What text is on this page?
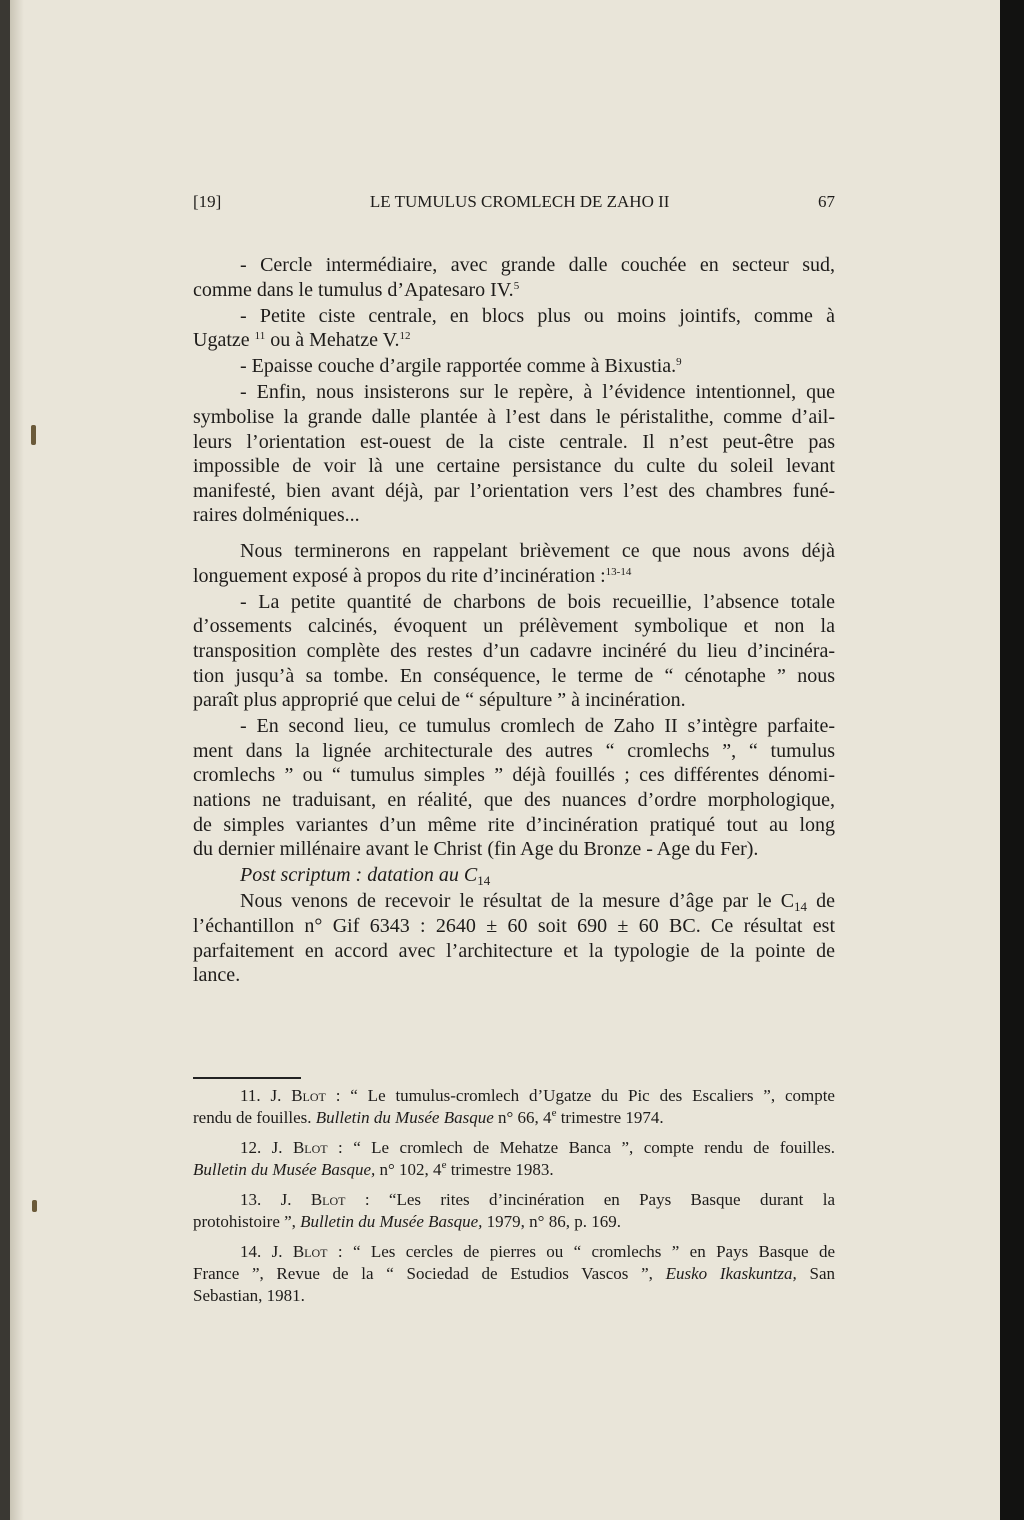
[19]	LE TUMULUS CROMLECH DE ZAHO II	67
- Cercle intermédiaire, avec grande dalle couchée en secteur sud,
comme dans le tumulus d’Apatesaro IV.$^5$
- Petite ciste centrale, en blocs plus ou moins jointifs, comme à
Ugatze $^{11}$ ou à Mehatze V.$^{12}$
- Epaisse couche d’argile rapportée comme à Bixustia.$^9$
- Enfin, nous insisterons sur le repère, à l’évidence intentionnel, que
symbolise la grande dalle plantée à l’est dans le péristalithe, comme d’ail-
leurs l’orientation est-ouest de la ciste centrale. Il n’est peut-être pas
impossible de voir là une certaine persistance du culte du soleil levant
manifesté, bien avant déjà, par l’orientation vers l’est des chambres funé-
raires dolméniques...
Nous terminerons en rappelant brièvement ce que nous avons déjà
longuement exposé à propos du rite d’incinération :$^{13-14}$
- La petite quantité de charbons de bois recueillie, l’absence totale
d’ossements calcinés, évoquent un prélèvement symbolique et non la
transposition complète des restes d’un cadavre incinéré du lieu d’incinéra-
tion jusqu’à sa tombe. En conséquence, le terme de “ cénotaphe ” nous
paraît plus approprié que celui de “ sépulture ” à incinération.
- En second lieu, ce tumulus cromlech de Zaho II s’intègre parfaite-
ment dans la lignée architecturale des autres “ cromlechs ”, “ tumulus
cromlechs ” ou “ tumulus simples ” déjà fouillés ; ces différentes dénomi-
nations ne traduisant, en réalité, que des nuances d’ordre morphologique,
de simples variantes d’un même rite d’incinération pratiqué tout au long
du dernier millénaire avant le Christ (fin Age du Bronze - Age du Fer).
Post scriptum : datation au $C_{14}$
Nous venons de recevoir le résultat de la mesure d’âge par le $C_{14}$ de
l’échantillon n° Gif 6343 : 2640 ± 60 soit 690 ± 60 BC. Ce résultat est
parfaitement en accord avec l’architecture et la typologie de la pointe de
lance.
11. J. Blot : “ Le tumulus-cromlech d’Ugatze du Pic des Escaliers ”, compte
rendu de fouilles. Bulletin du Musée Basque n° 66, 4e trimestre 1974.
12. J. Blot : “ Le cromlech de Mehatze Banca ”, compte rendu de fouilles.
Bulletin du Musée Basque, n° 102, 4e trimestre 1983.
13. J. Blot : “Les rites d’incinération en Pays Basque durant la
protohistoire ”, Bulletin du Musée Basque, 1979, n° 86, p. 169.
14. J. Blot : “ Les cercles de pierres ou “ cromlechs ” en Pays Basque de
France ”, Revue de la “ Sociedad de Estudios Vascos ”, Eusko Ikaskuntza, San
Sebastian, 1981.
